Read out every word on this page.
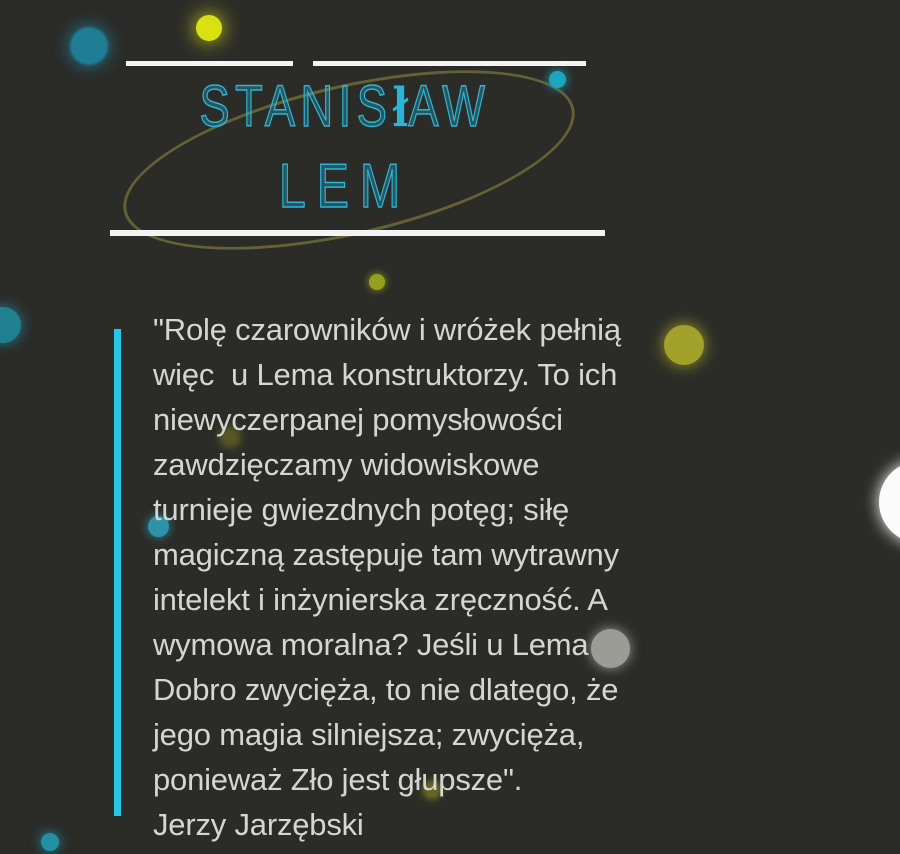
STANISłAW
LEM
"Rolę czarowników i wróżek pełnią
więc  u Lema konstruktorzy. To ich
niewyczerpanej pomysłowości
zawdzięczamy widowiskowe
turnieje gwiezdnych potęg; siłę
magiczną zastępuje tam wytrawny
intelekt i inżynierska zręczność. A
wymowa moralna? Jeśli u Lema
Dobro zwycięża, to nie dlatego, że
jego magia silniejsza; zwycięża,
ponieważ Zło jest głupsze".
Jerzy Jarzębski
